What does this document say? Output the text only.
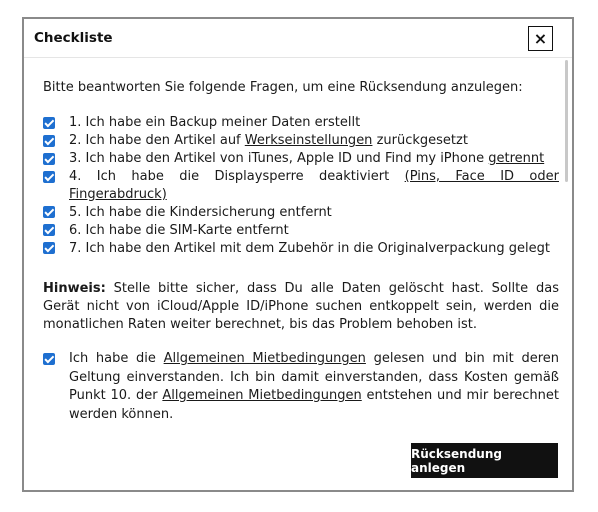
Checkliste	×
Bitte beantworten Sie folgende Fragen, um eine Rücksendung anzulegen:
1. Ich habe ein Backup meiner Daten erstellt
2. Ich habe den Artikel auf Werkseinstellungen zurückgesetzt
3. Ich habe den Artikel von iTunes, Apple ID und Find my iPhone getrennt
4. Ich habe die Displaysperre deaktiviert (Pins, Face ID oder Fingerabdruck)
5. Ich habe die Kindersicherung entfernt
6. Ich habe die SIM-Karte entfernt
7. Ich habe den Artikel mit dem Zubehör in die Originalverpackung gelegt
Hinweis: Stelle bitte sicher, dass Du alle Daten gelöscht hast. Sollte das Gerät nicht von iCloud/Apple ID/iPhone suchen entkoppelt sein, werden die monatlichen Raten weiter berechnet, bis das Problem behoben ist.
Ich habe die Allgemeinen Mietbedingungen gelesen und bin mit deren Geltung einverstanden. Ich bin damit einverstanden, dass Kosten gemäß Punkt 10. der Allgemeinen Mietbedingungen entstehen und mir berechnet werden können.
Rücksendung anlegen
